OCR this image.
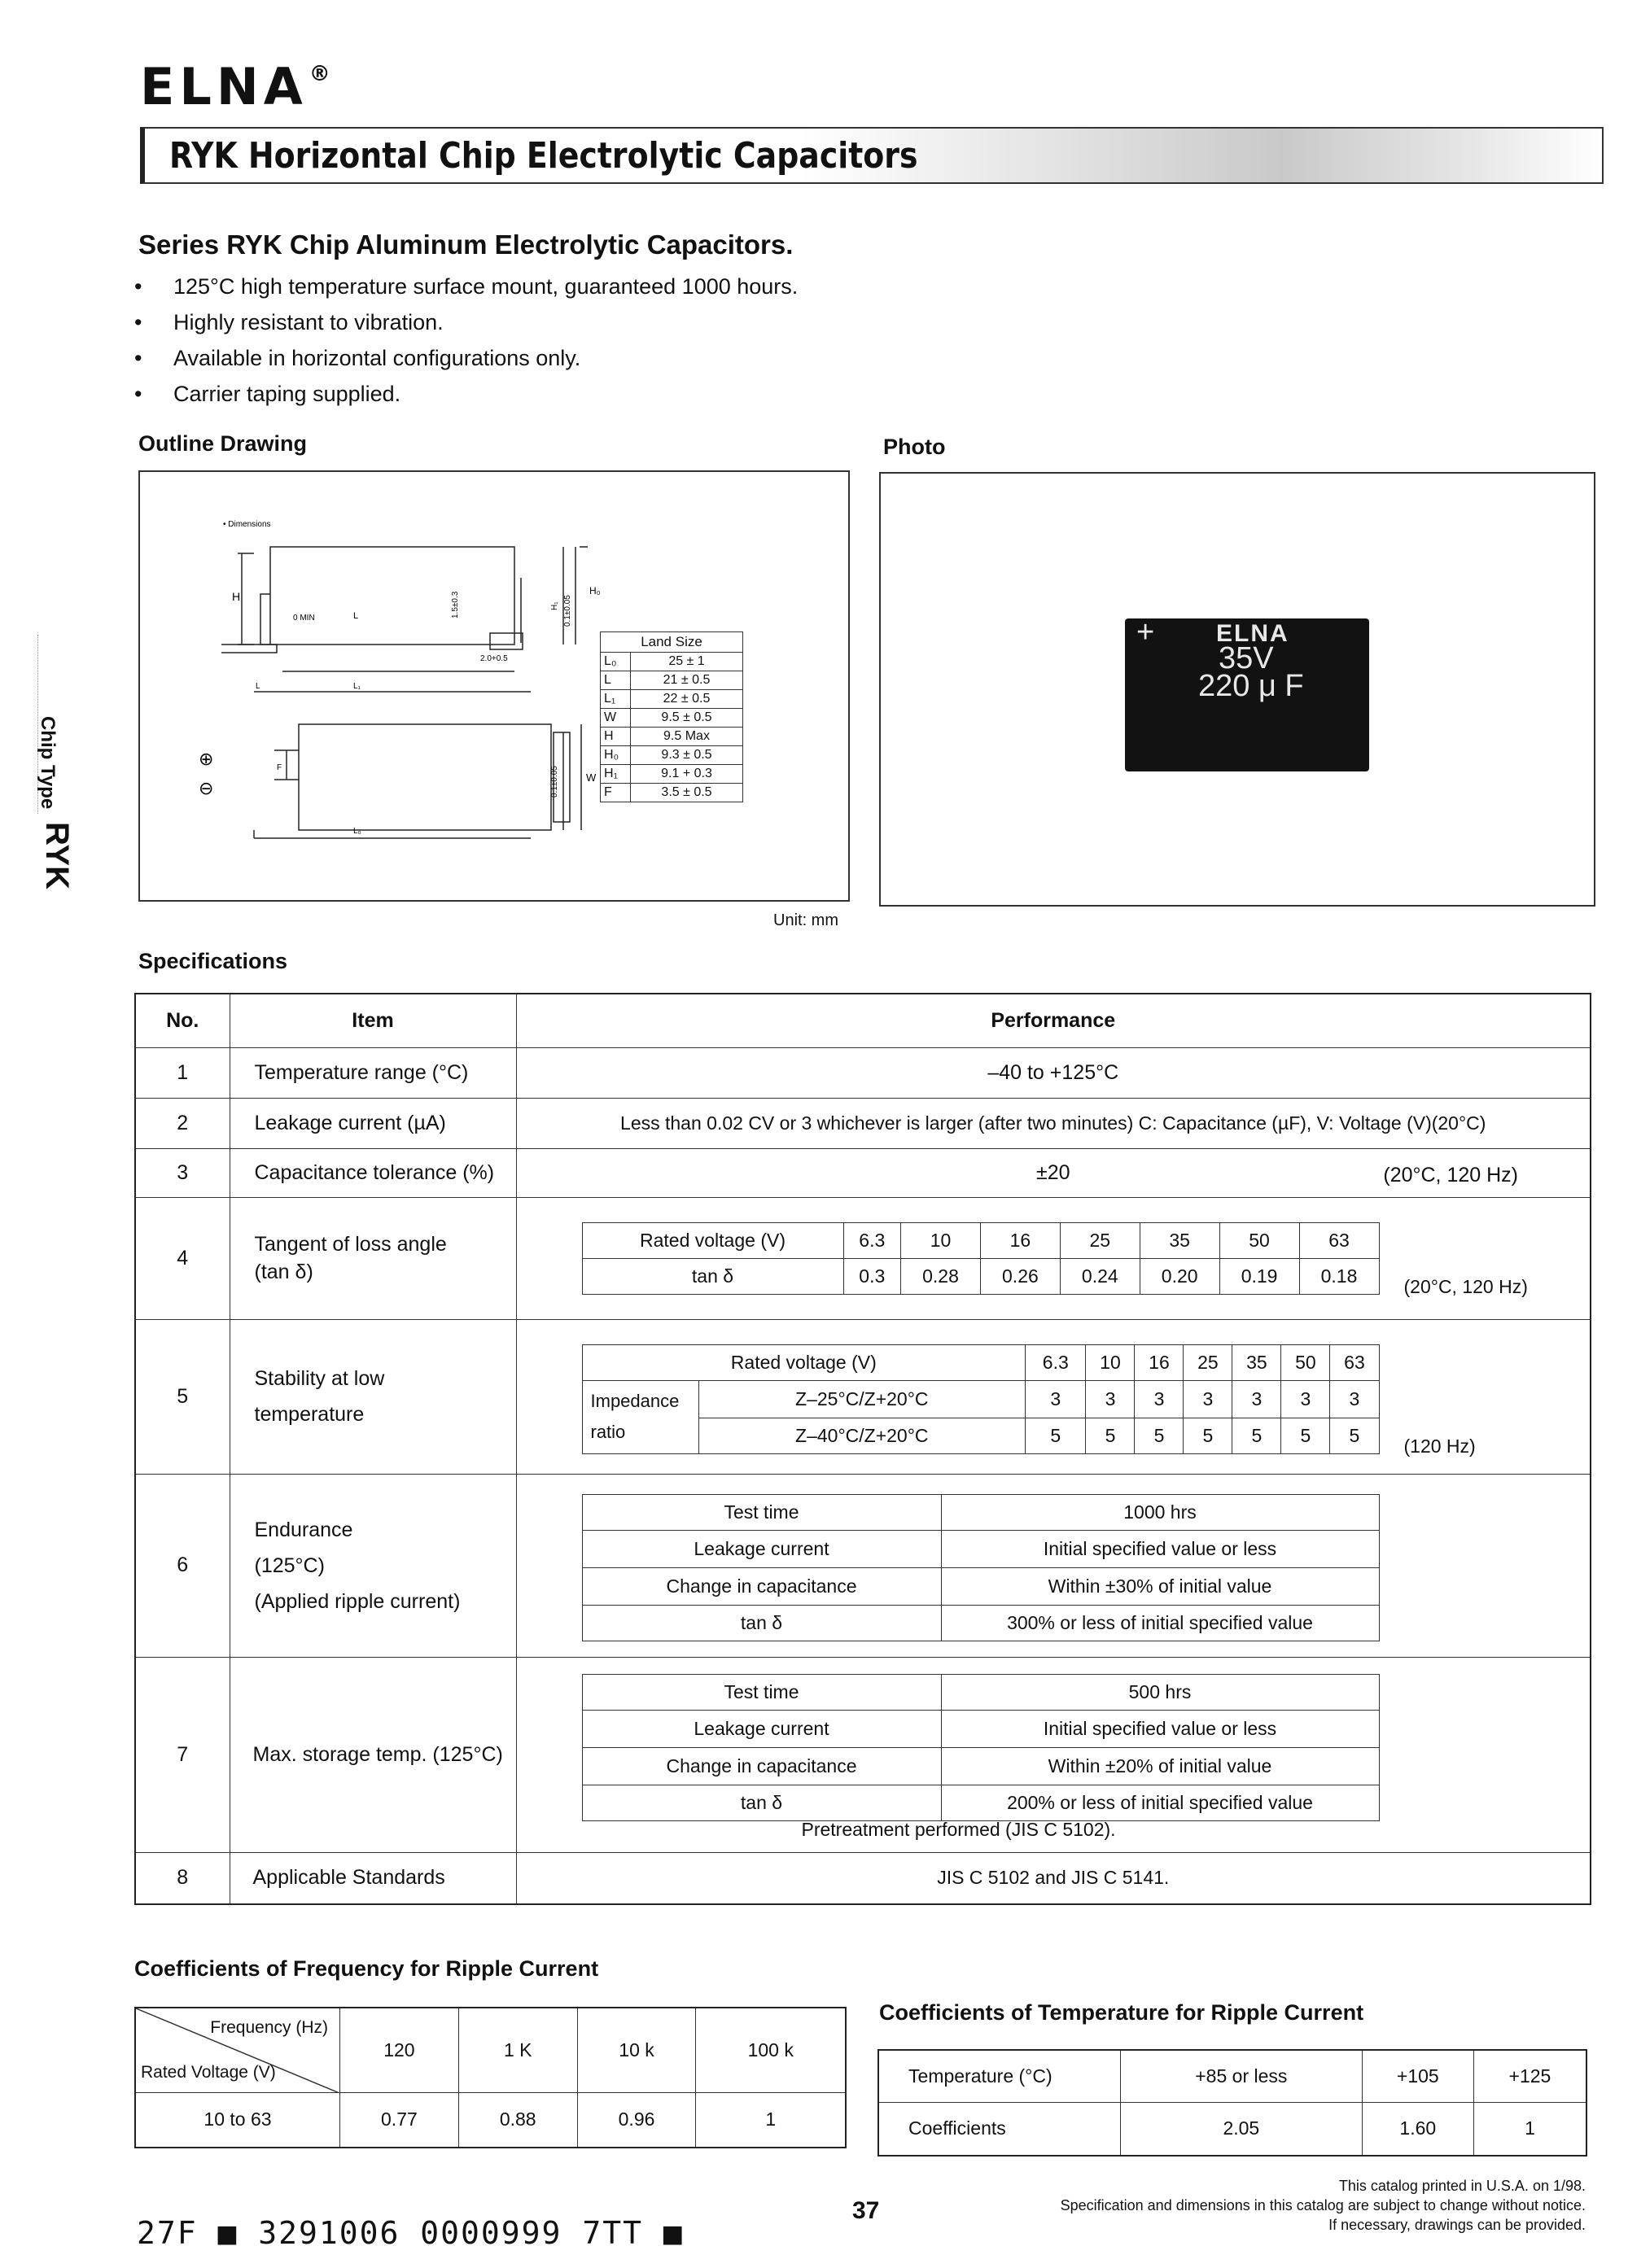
ELNA®
RYK Horizontal Chip Electrolytic Capacitors
Chip Type
RYK
Series RYK Chip Aluminum Electrolytic Capacitors.
• 125°C high temperature surface mount, guaranteed 1000 hours.
• Highly resistant to vibration.
• Available in horizontal configurations only.
• Carrier taping supplied.
Outline Drawing
• Dimensions
H
L
0 MIN
L₁
L
2.0+0.5
1.5±0.3	H₁ 0.1±0.05
H₀
⊕
⊖
F
L₀
0.1±0.05	W
Land Size	
L₀	25 ± 1
L	21 ± 0.5
L₁	22 ± 0.5
W	9.5 ± 0.5
H	9.5 Max
H₀	9.3 ± 0.5
H₁	9.1 + 0.3
F	3.5 ± 0.5
Unit: mm
Photo
+	ELNA
35V
220 μ F
Specifications
No.	Item	Performance
1	Temperature range (°C)	–40 to +125°C
2	Leakage current (µA)	Less than 0.02 CV or 3 whichever is larger (after two minutes) C: Capacitance (µF), V: Voltage (V)(20°C)
3	Capacitance tolerance (%)	±20	(20°C, 120 Hz)

4	Tangent of loss angle
(tan δ)	
Rated voltage (V)	6.3	10	16	25	35	50	63
tan δ	0.3	0.28	0.26	0.24	0.20	0.19	0.18 (20°C, 120 Hz)

5	Stability at low
temperature	
Rated voltage (V)	6.3	10	16	25	35	50	63
Impedance
ratio	Z–25°C/Z+20°C	3	3	3	3	3	3	3
Z–40°C/Z+20°C	5	5	5	5	5	5	5 (120 Hz)

6	Endurance
(125°C)
(Applied ripple current)	
Test time	1000 hrs
Leakage current	Initial specified value or less
Change in capacitance	Within ±30% of initial value
tan δ	300% or less of initial specified value

7	Max. storage temp. (125°C)	
Test time	500 hrs
Leakage current	Initial specified value or less
Change in capacitance	Within ±20% of initial value
tan δ	200% or less of initial specified value
Pretreatment performed (JIS C 5102).

8	Applicable Standards	JIS C 5102 and JIS C 5141.
Coefficients of Frequency for Ripple Current
Frequency (Hz)
Rated Voltage (V)	120	1 K	10 k	100 k
10 to 63	0.77	0.88	0.96	1
Coefficients of Temperature for Ripple Current
Temperature (°C)	+85 or less	+105	+125
Coefficients	2.05	1.60	1
27F ■ 3291006 0000999 7TT ■
37
This catalog printed in U.S.A. on 1/98.
Specification and dimensions in this catalog are subject to change without notice.
If necessary, drawings can be provided.
